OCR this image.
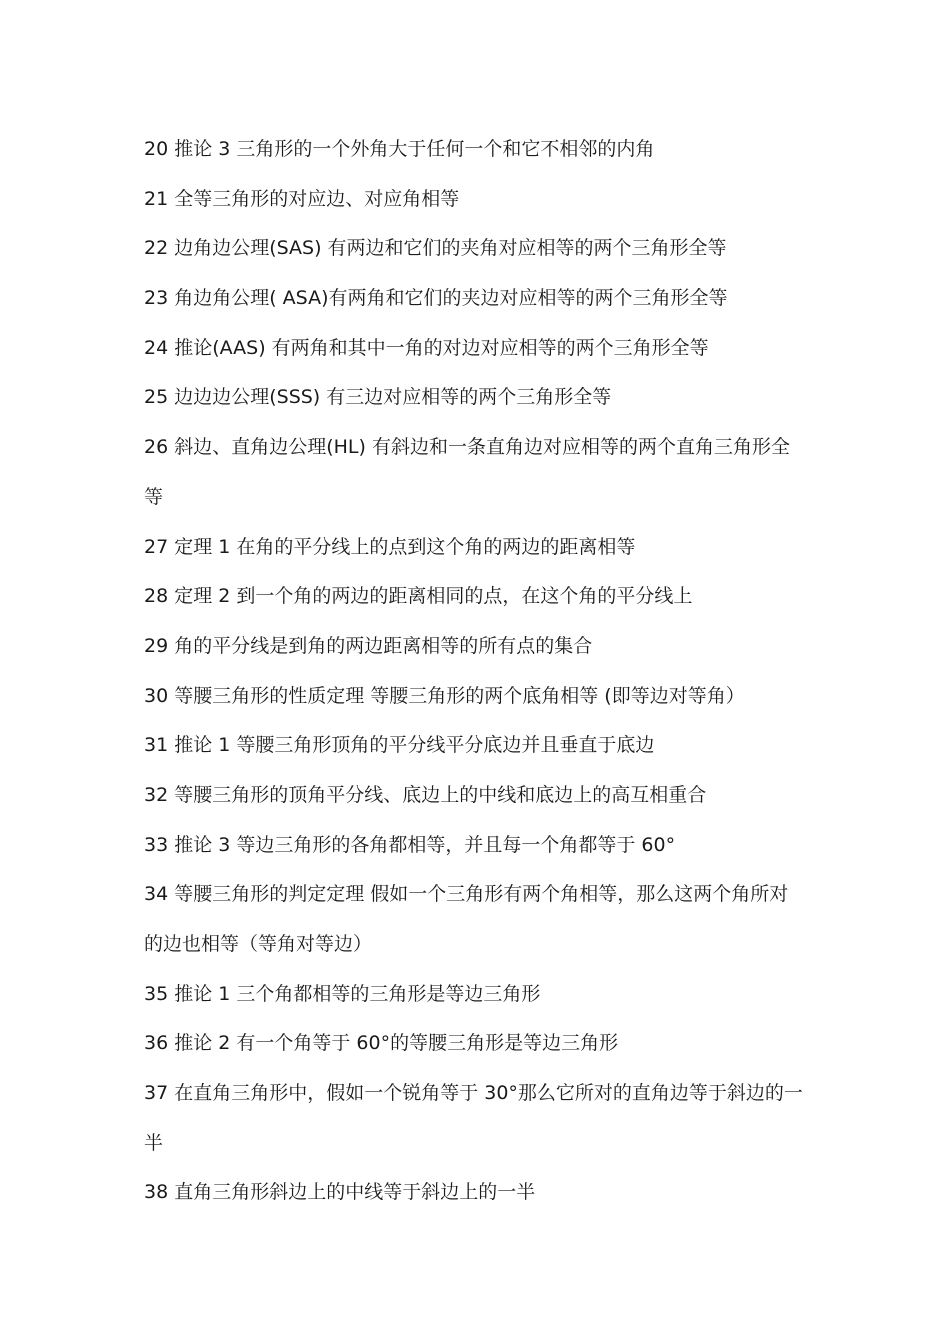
20 推论 3 三角形的一个外角大于任何一个和它不相邻的内角
21 全等三角形的对应边、对应角相等
22 边角边公理(SAS) 有两边和它们的夹角对应相等的两个三角形全等
23 角边角公理( ASA)有两角和它们的夹边对应相等的两个三角形全等
24 推论(AAS) 有两角和其中一角的对边对应相等的两个三角形全等
25 边边边公理(SSS) 有三边对应相等的两个三角形全等
26 斜边、直角边公理(HL) 有斜边和一条直角边对应相等的两个直角三角形全
等
27 定理 1 在角的平分线上的点到这个角的两边的距离相等
28 定理 2 到一个角的两边的距离相同的点，在这个角的平分线上
29 角的平分线是到角的两边距离相等的所有点的集合
30 等腰三角形的性质定理 等腰三角形的两个底角相等 (即等边对等角）
31 推论 1 等腰三角形顶角的平分线平分底边并且垂直于底边
32 等腰三角形的顶角平分线、底边上的中线和底边上的高互相重合
33 推论 3 等边三角形的各角都相等，并且每一个角都等于 60°
34 等腰三角形的判定定理 假如一个三角形有两个角相等，那么这两个角所对
的边也相等（等角对等边）
35 推论 1 三个角都相等的三角形是等边三角形
36 推论 2 有一个角等于 60°的等腰三角形是等边三角形
37 在直角三角形中，假如一个锐角等于 30°那么它所对的直角边等于斜边的一
半
38 直角三角形斜边上的中线等于斜边上的一半
